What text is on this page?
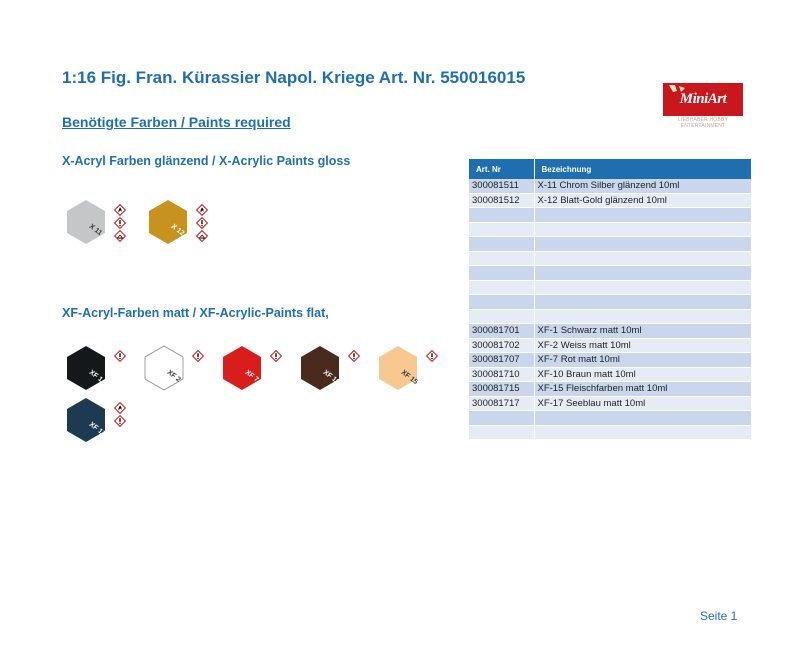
1:16 Fig. Fran. Kürassier Napol. Kriege Art. Nr. 550016015
Benötigte Farben / Paints required
MiniArt
LIEBHABER HOBBY ENTERTAINMENT
X-Acryl Farben glänzend / X-Acrylic Paints gloss
X 11	X 12
XF-Acryl-Farben matt / XF-Acrylic-Paints flat,
XF 1	XF 2	XF 7	XF 10	XF 15
XF 17
Art. Nr	Bezeichnung
300081511	X-11 Chrom Silber glänzend 10ml
300081512	X-12 Blatt-Gold glänzend 10ml

300081701	XF-1 Schwarz matt 10ml
300081702	XF-2 Weiss matt 10ml
300081707	XF-7 Rot matt 10ml
300081710	XF-10 Braun matt 10ml
300081715	XF-15 Fleischfarben matt 10ml
300081717	XF-17 Seeblau matt 10ml

Seite 1
